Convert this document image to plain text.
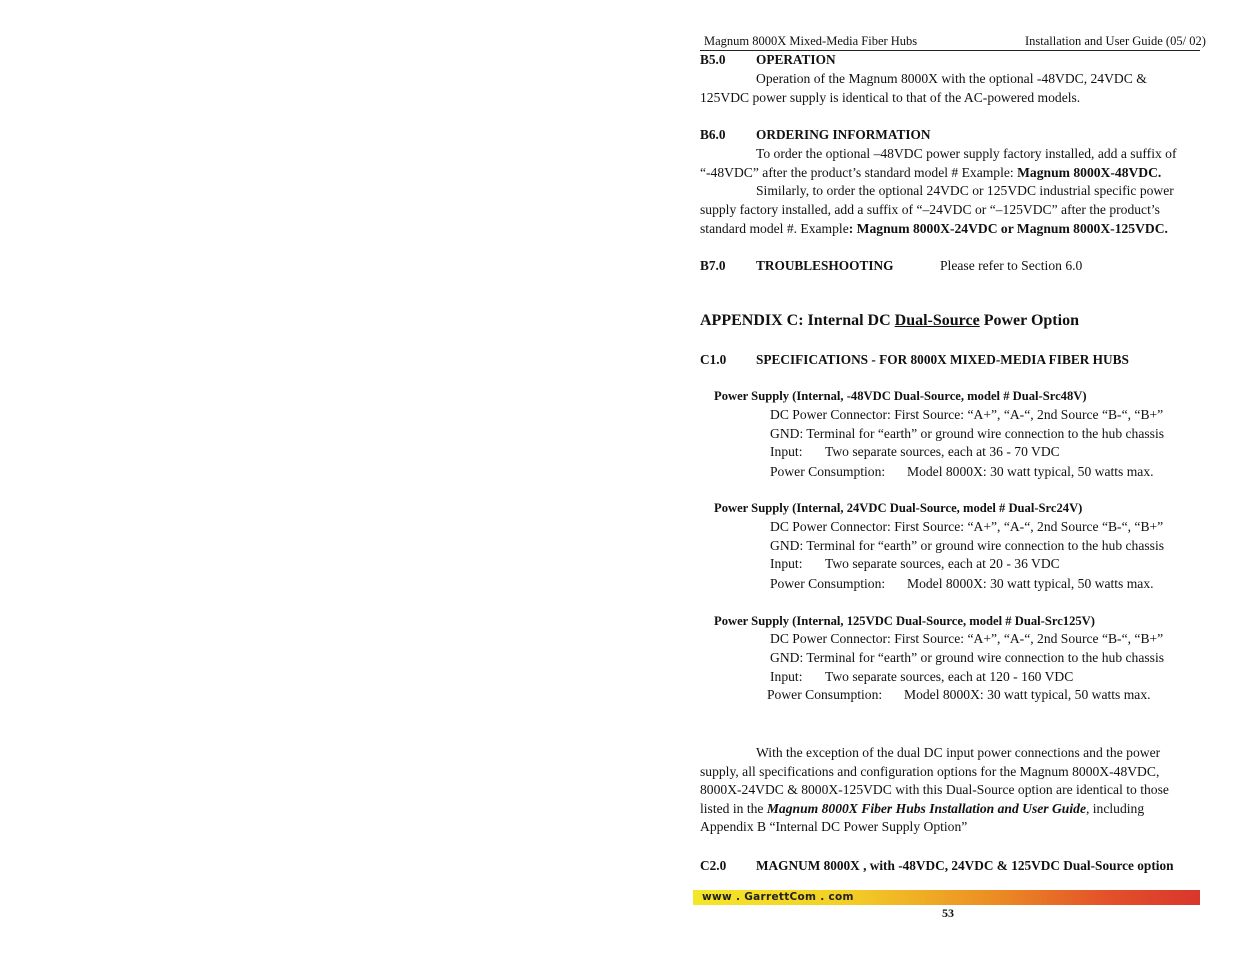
Magnum 8000X Mixed-Media Fiber Hubs	Installation and User Guide (05/ 02)
B5.0 OPERATION
Operation of the Magnum 8000X with the optional -48VDC, 24VDC &
125VDC power supply is identical to that of the AC-powered models.
B6.0 ORDERING INFORMATION
To order the optional –48VDC power supply factory installed, add a suffix of
“-48VDC” after the product’s standard model # Example: Magnum 8000X-48VDC.
Similarly, to order the optional 24VDC or 125VDC industrial specific power
supply factory installed, add a suffix of “–24VDC or “–125VDC” after the product’s
standard model #. Example: Magnum 8000X-24VDC or Magnum 8000X-125VDC.
B7.0 TROUBLESHOOTING	Please refer to Section 6.0
APPENDIX C: Internal DC Dual-Source Power Option
C1.0 SPECIFICATIONS - FOR 8000X MIXED-MEDIA FIBER HUBS
Power Supply (Internal, -48VDC Dual-Source, model # Dual-Src48V)
DC Power Connector: First Source: “A+”, “A-“, 2nd Source “B-“, “B+”
GND: Terminal for “earth” or ground wire connection to the hub chassis
Input: Two separate sources, each at 36 - 70 VDC
Power Consumption: Model 8000X: 30 watt typical, 50 watts max.
Power Supply (Internal, 24VDC Dual-Source, model # Dual-Src24V)
DC Power Connector: First Source: “A+”, “A-“, 2nd Source “B-“, “B+”
GND: Terminal for “earth” or ground wire connection to the hub chassis
Input: Two separate sources, each at 20 - 36 VDC
Power Consumption: Model 8000X: 30 watt typical, 50 watts max.
Power Supply (Internal, 125VDC Dual-Source, model # Dual-Src125V)
DC Power Connector: First Source: “A+”, “A-“, 2nd Source “B-“, “B+”
GND: Terminal for “earth” or ground wire connection to the hub chassis
Input: Two separate sources, each at 120 - 160 VDC
Power Consumption: Model 8000X: 30 watt typical, 50 watts max.
With the exception of the dual DC input power connections and the power
supply, all specifications and configuration options for the Magnum 8000X-48VDC,
8000X-24VDC & 8000X-125VDC with this Dual-Source option are identical to those
listed in the Magnum 8000X Fiber Hubs Installation and User Guide, including
Appendix B “Internal DC Power Supply Option”
C2.0 MAGNUM 8000X , with -48VDC, 24VDC & 125VDC Dual-Source option
www . GarrettCom . com
53
